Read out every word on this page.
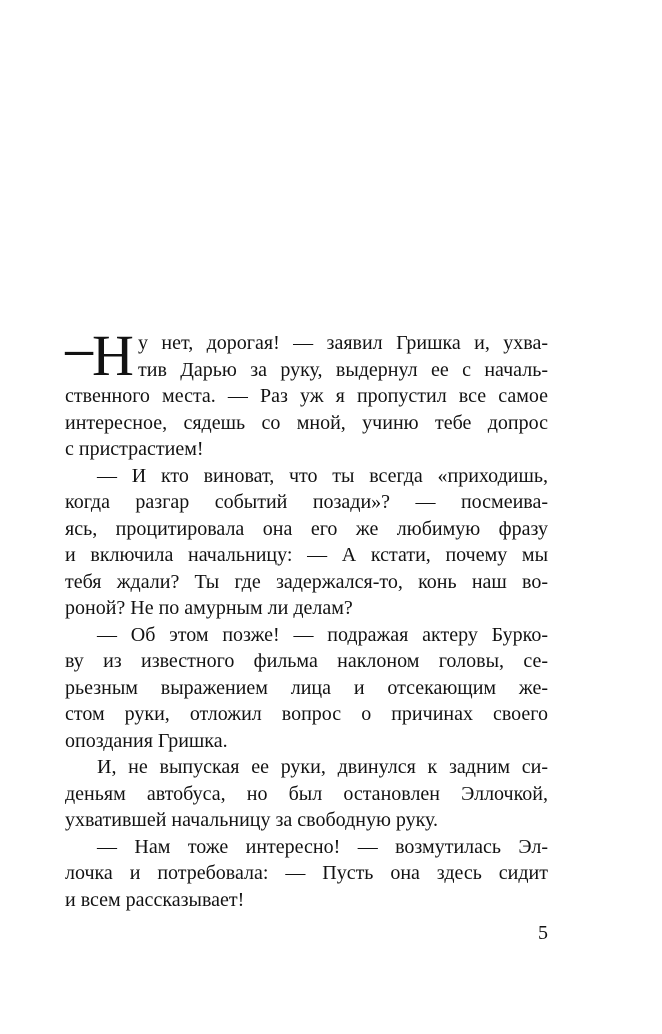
—
Н у нет, дорогая! — заявил Гришка и, ухва-
тив Дарью за руку, выдернул ее с началь-
ственного места. — Раз уж я пропустил все самое
интересное, сядешь со мной, учиню тебе допрос
с пристрастием!
— И кто виноват, что ты всегда «приходишь,
когда разгар событий позади»? — посмеива-
ясь, процитировала она его же любимую фразу
и включила начальницу: — А кстати, почему мы
тебя ждали? Ты где задержался-то, конь наш во-
роной? Не по амурным ли делам?
— Об этом позже! — подражая актеру Бурко-
ву из известного фильма наклоном головы, се-
рьезным выражением лица и отсекающим же-
стом руки, отложил вопрос о причинах своего
опоздания Гришка.
И, не выпуская ее руки, двинулся к задним си-
деньям автобуса, но был остановлен Эллочкой,
ухватившей начальницу за свободную руку.
— Нам тоже интересно! — возмутилась Эл-
лочка и потребовала: — Пусть она здесь сидит
и всем рассказывает!
5
